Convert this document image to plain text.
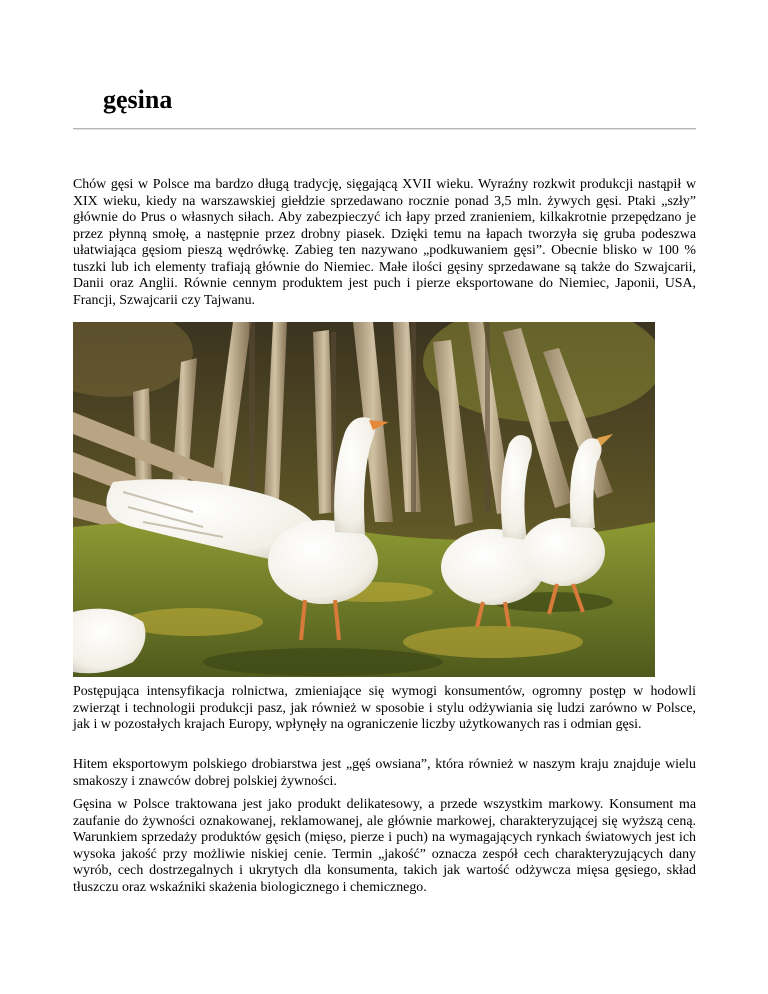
gęsina

Chów gęsi w Polsce ma bardzo długą tradycję, sięgającą XVII wieku. Wyraźny rozkwit produkcji nastąpił w XIX wieku, kiedy na warszawskiej giełdzie sprzedawano rocznie ponad 3,5 mln. żywych gęsi. Ptaki „szły” głównie do Prus o własnych siłach. Aby zabezpieczyć ich łapy przed zranieniem, kilkakrotnie przepędzano je przez płynną smołę, a następnie przez drobny piasek. Dzięki temu na łapach tworzyła się gruba podeszwa ułatwiająca gęsiom pieszą wędrówkę. Zabieg ten nazywano „podkuwaniem gęsi”. Obecnie blisko w 100 % tuszki lub ich elementy trafiają głównie do Niemiec. Małe ilości gęsiny sprzedawane są także do Szwajcarii, Danii oraz Anglii. Równie cennym produktem jest puch i pierze eksportowane do Niemiec, Japonii, USA, Francji, Szwajcarii czy Tajwanu.

Postępująca intensyfikacja rolnictwa, zmieniające się wymogi konsumentów, ogromny postęp w hodowli zwierząt i technologii produkcji pasz, jak również w sposobie i stylu odżywiania się ludzi zarówno w Polsce, jak i w pozostałych krajach Europy, wpłynęły na ograniczenie liczby użytkowanych ras i odmian gęsi.

Hitem eksportowym polskiego drobiarstwa jest „gęś owsiana”, która również w naszym kraju znajduje wielu smakoszy i znawców dobrej polskiej żywności.

Gęsina w Polsce traktowana jest jako produkt delikatesowy, a przede wszystkim markowy. Konsument ma zaufanie do żywności oznakowanej, reklamowanej, ale głównie markowej, charakteryzującej się wyższą ceną. Warunkiem sprzedaży produktów gęsich (mięso, pierze i puch) na wymagających rynkach światowych jest ich wysoka jakość przy możliwie niskiej cenie. Termin „jakość” oznacza zespół cech charakteryzujących dany wyrób, cech dostrzegalnych i ukrytych dla konsumenta, takich jak wartość odżywcza mięsa gęsiego, skład tłuszczu oraz wskaźniki skażenia biologicznego i chemicznego.
